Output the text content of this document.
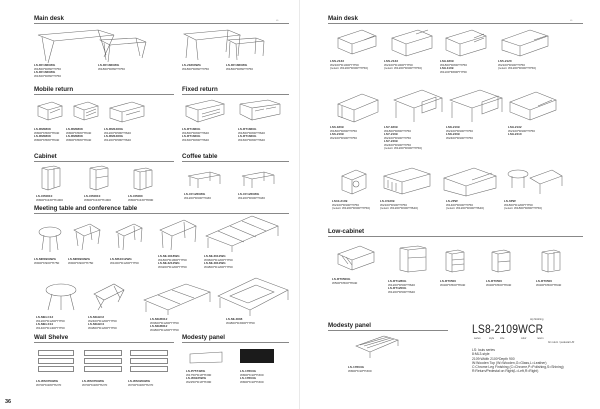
Main desk	▭
LS-DF1860WG
W1860*D860*H750
LS-DF1660WG
W1660*D860*H750
LS-DF1860WG
W1860*D860*H750
LS-21860WG
W1860*D860*H750
LS-DF1860WG
W1860*D860*H750
Mobile return
LS-RM0808
W800*D580*H640
LS-RM0808
W800*D580*H640
LS-RM0808
W800*D580*H640
LS-RM0808
W800*D580*H640
LS-RM1280G
W1200*D580*H640
LS-RM1280G
W1200*D580*H640
Fixed return
LS-RT1860G
W1860*D800*H640
LS-RT1660G
W1660*D800*H640
LS-RT1860G
W1860*D800*H640
LS-RT1660G
W1660*D800*H640
Cabinet
LS-CB0810
W800*D430*H1000
LS-CB0810
W800*D430*H1000
LS-CB080
W800*D430*H800
Coffee table
LS-CF1260WG
W1200*D600*H430
LS-CF1260WG
W1200*D600*H430
Meeting table and conference table
LS-MR0909WG
W900*D900*H750
LS-MR0909WG
W900*D900*H750
LS-MS1012WG
W1000*D1200*H750
LS-ML1818WG
W1800*D1800*H750
LS-ML3212WG
W3200*D1200*H750
LS-ML3612WG
W3600*D1200*H750
LS-ML4812WG
W4800*D1200*H750
LS-MELC12
W1200*D1200*H750
LS-MELX14
W1400*D1400*H750
LS-MGHC2
W2400*D1200*H750
LS-MGHC4
W4800*D1200*H750
LS-MGB612
W3600*D1200*H750
LS-MGB812
W4800*D1200*H750
LS-ML4808
W4800*D3000*H750
Wall Shelve
LS-WS0709WG
W700*D280*H270
LS-WS0709WG
W700*D280*H270
LS-WS0209WG
W700*D280*H270
Modesty panel
LS-P7574WG
W1750*D18*H390
LS-W0225WG
W2250*D18*H390
LS-17804G
W800*D18*H300
LS-17804G
W800*D18*H300
36
Main desk	▭
LSS-2133
W2100*D1000*H750
(return W1200*D600*H750)
LSS-2133
W2100*D1000*H750
(return W1200*D600*H750)
LS9-1809
W1800*D800*H750
LS9-1109
W1100*D800*H750
LS5-2120
W2100*D900*H750
(return W1200*D600*H750)
LS6-1809
W1800*D800*H750
LS6-2109
W2100*D900*H750
LS7-1809
W1800*D800*H750
LS7-2109
W2100*D900*H750
LS7-2409
W2400*D900*H750
(return W1200*D600*H750)
LS8-2109
W2100*D900*H750
LS8-2409
W2400*D900*H750
LS9-2132
W2100*D900*H750
LS9-2410
LS10-2109
W2100*D900*H750
(return W1200*D600*H750)
LS-CS309
W2100*D900*H750
(return W1200*D600*H640)
LS-2PW
W1400*D600*H750
(return W1200*D600*H640)
LS-6PW
W1800*D1200*H750
(return W1800*D800*H750)
Low-cabinet
LS-RT0500G
W500*D500*H640	LS-RT1280G
W1200*D500*H640
LS-RT1200G
W1200*D500*H640
LS-RT0500
W400*D500*H640
LS-RT0500
W400*D500*H640
LS-RT0500
W400*D500*H640
Modesty panel
LS-17804G
W800*D18*H300
LS8-2109WCR
series	style size	color
top finishing
return
for return / pedestal L/R
LS: louis series
8:ML3-style
2109:Width 2100*Depth 900
W:Wooden Top (W=Wooden,G=Glass,L=Leather)
C:Chrome Leg Finishing (C=Chrome,P=Polishing,S=Shining)
R:Return/Pedestal on Right(L=Left,R=Right)
